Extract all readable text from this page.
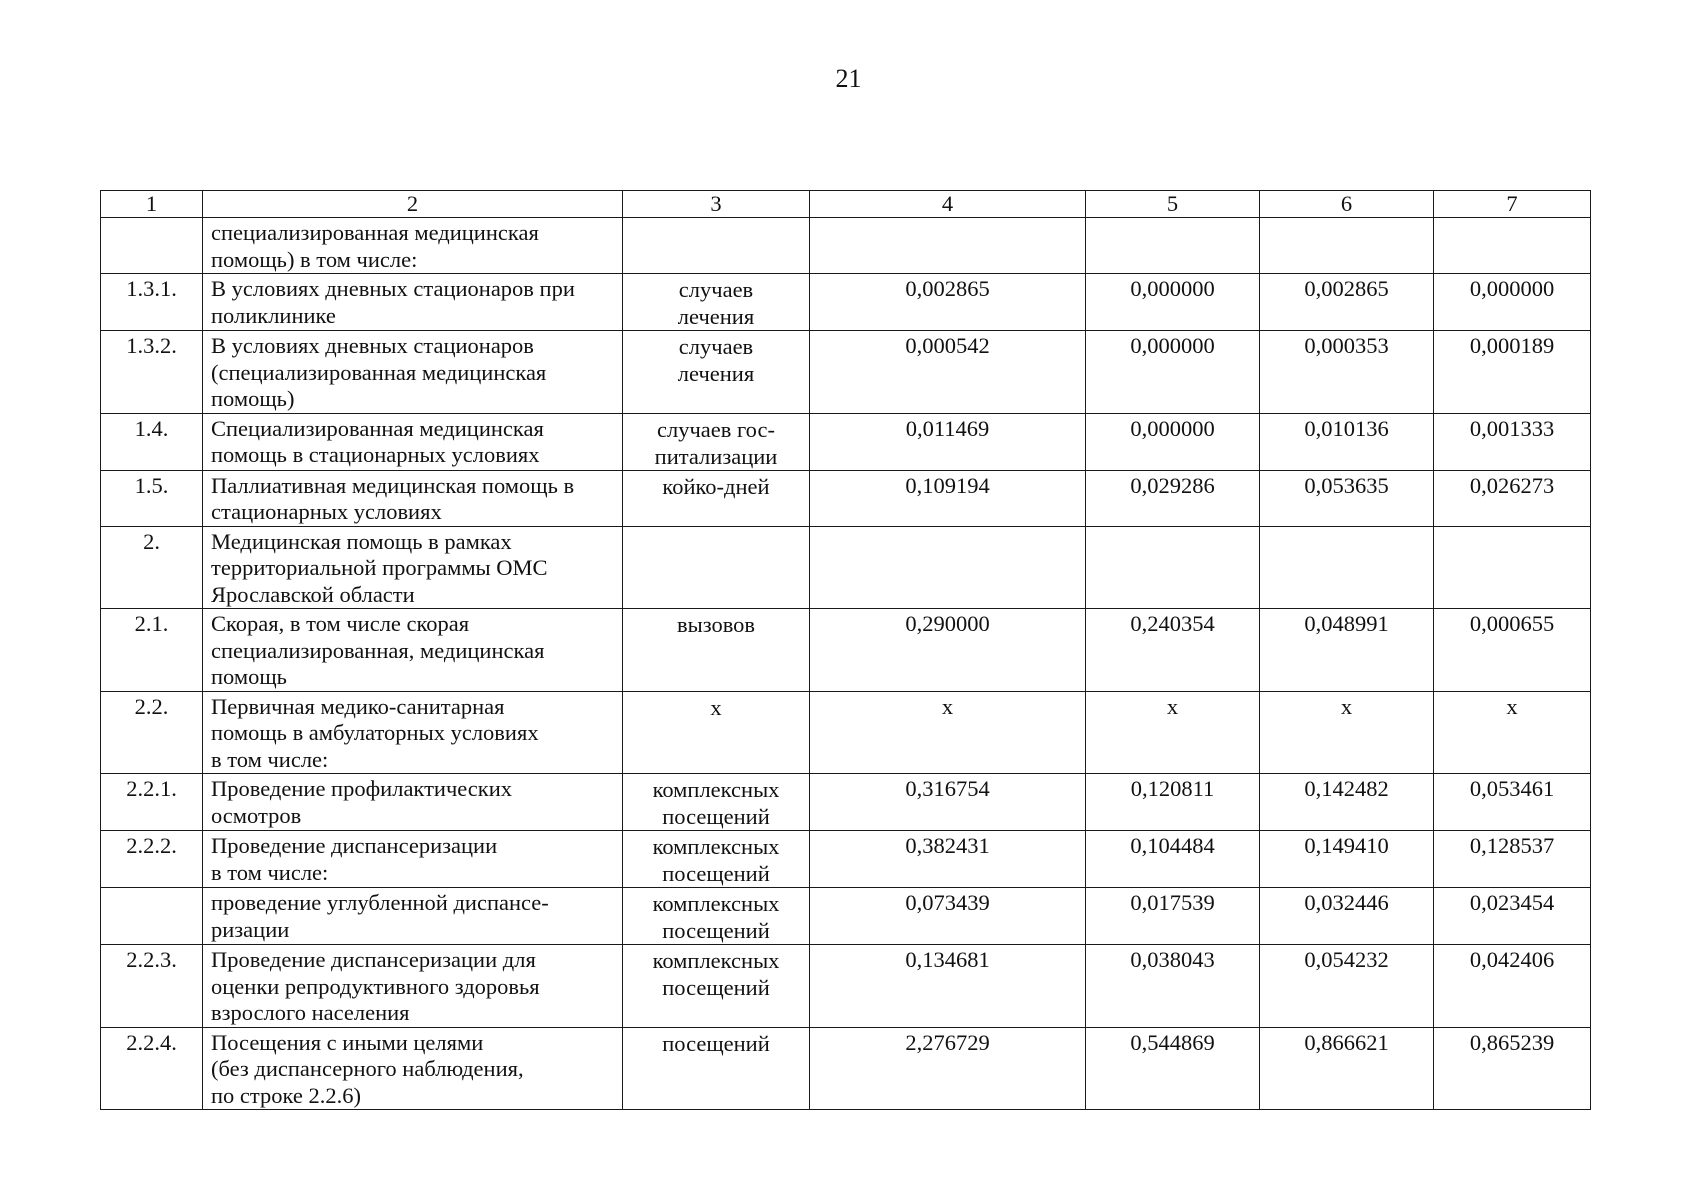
21
1	2	3	4	5	6	7
	специализированная медицинская
помощь) в том числе:					
1.3.1.	В условиях дневных стационаров при
поликлинике	случаев
лечения	0,002865	0,000000	0,002865	0,000000
1.3.2.	В условиях дневных стационаров
(специализированная медицинская
помощь)	случаев
лечения	0,000542	0,000000	0,000353	0,000189
1.4.	Специализированная медицинская
помощь в стационарных условиях	случаев гос-
питализации	0,011469	0,000000	0,010136	0,001333
1.5.	Паллиативная медицинская помощь в
стационарных условиях	койко-дней	0,109194	0,029286	0,053635	0,026273
2.	Медицинская помощь в рамках
территориальной программы ОМС
Ярославской области					
2.1.	Скорая, в том числе скорая
специализированная, медицинская
помощь	вызовов	0,290000	0,240354	0,048991	0,000655
2.2.	Первичная медико-санитарная
помощь в амбулаторных условиях
в том числе:	х	х	х	х	х
2.2.1.	Проведение профилактических
осмотров	комплексных
посещений	0,316754	0,120811	0,142482	0,053461
2.2.2.	Проведение диспансеризации
в том числе:	комплексных
посещений	0,382431	0,104484	0,149410	0,128537
	проведение углубленной диспансе-
ризации	комплексных
посещений	0,073439	0,017539	0,032446	0,023454
2.2.3.	Проведение диспансеризации для
оценки репродуктивного здоровья
взрослого населения	комплексных
посещений	0,134681	0,038043	0,054232	0,042406
2.2.4.	Посещения с иными целями
(без диспансерного наблюдения,
по строке 2.2.6)	посещений	2,276729	0,544869	0,866621	0,865239
